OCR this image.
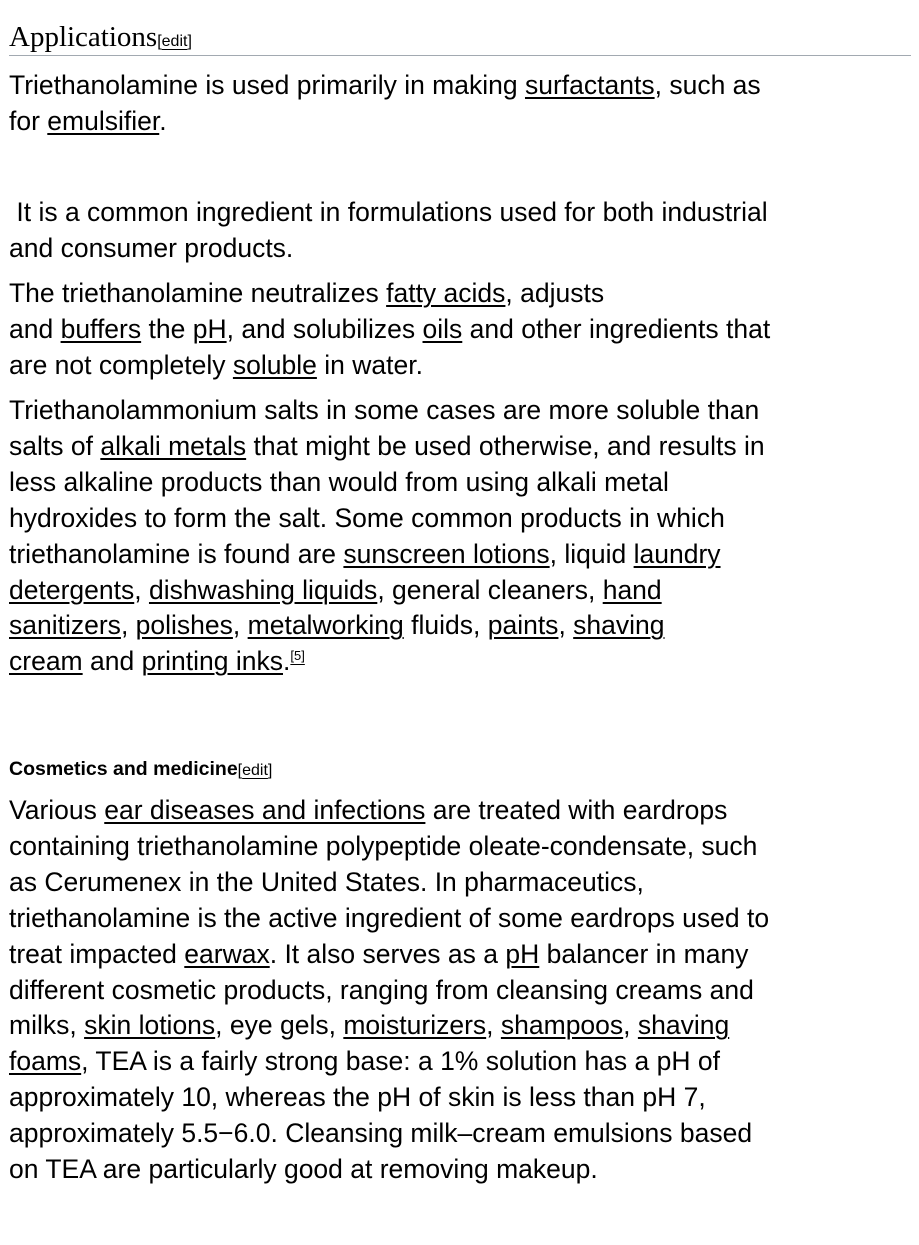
Applications[edit]

Triethanolamine is used primarily in making surfactants, such as
for emulsifier.

It is a common ingredient in formulations used for both industrial
and consumer products.

The triethanolamine neutralizes fatty acids, adjusts
and buffers the pH, and solubilizes oils and other ingredients that
are not completely soluble in water.

Triethanolammonium salts in some cases are more soluble than
salts of alkali metals that might be used otherwise, and results in
less alkaline products than would from using alkali metal
hydroxides to form the salt. Some common products in which
triethanolamine is found are sunscreen lotions, liquid laundry
detergents, dishwashing liquids, general cleaners, hand
sanitizers, polishes, metalworking fluids, paints, shaving
cream and printing inks.[5]

Cosmetics and medicine[edit]

Various ear diseases and infections are treated with eardrops
containing triethanolamine polypeptide oleate-condensate, such
as Cerumenex in the United States. In pharmaceutics,
triethanolamine is the active ingredient of some eardrops used to
treat impacted earwax. It also serves as a pH balancer in many
different cosmetic products, ranging from cleansing creams and
milks, skin lotions, eye gels, moisturizers, shampoos, shaving
foams, TEA is a fairly strong base: a 1% solution has a pH of
approximately 10, whereas the pH of skin is less than pH 7,
approximately 5.5−6.0. Cleansing milk–cream emulsions based
on TEA are particularly good at removing makeup.
